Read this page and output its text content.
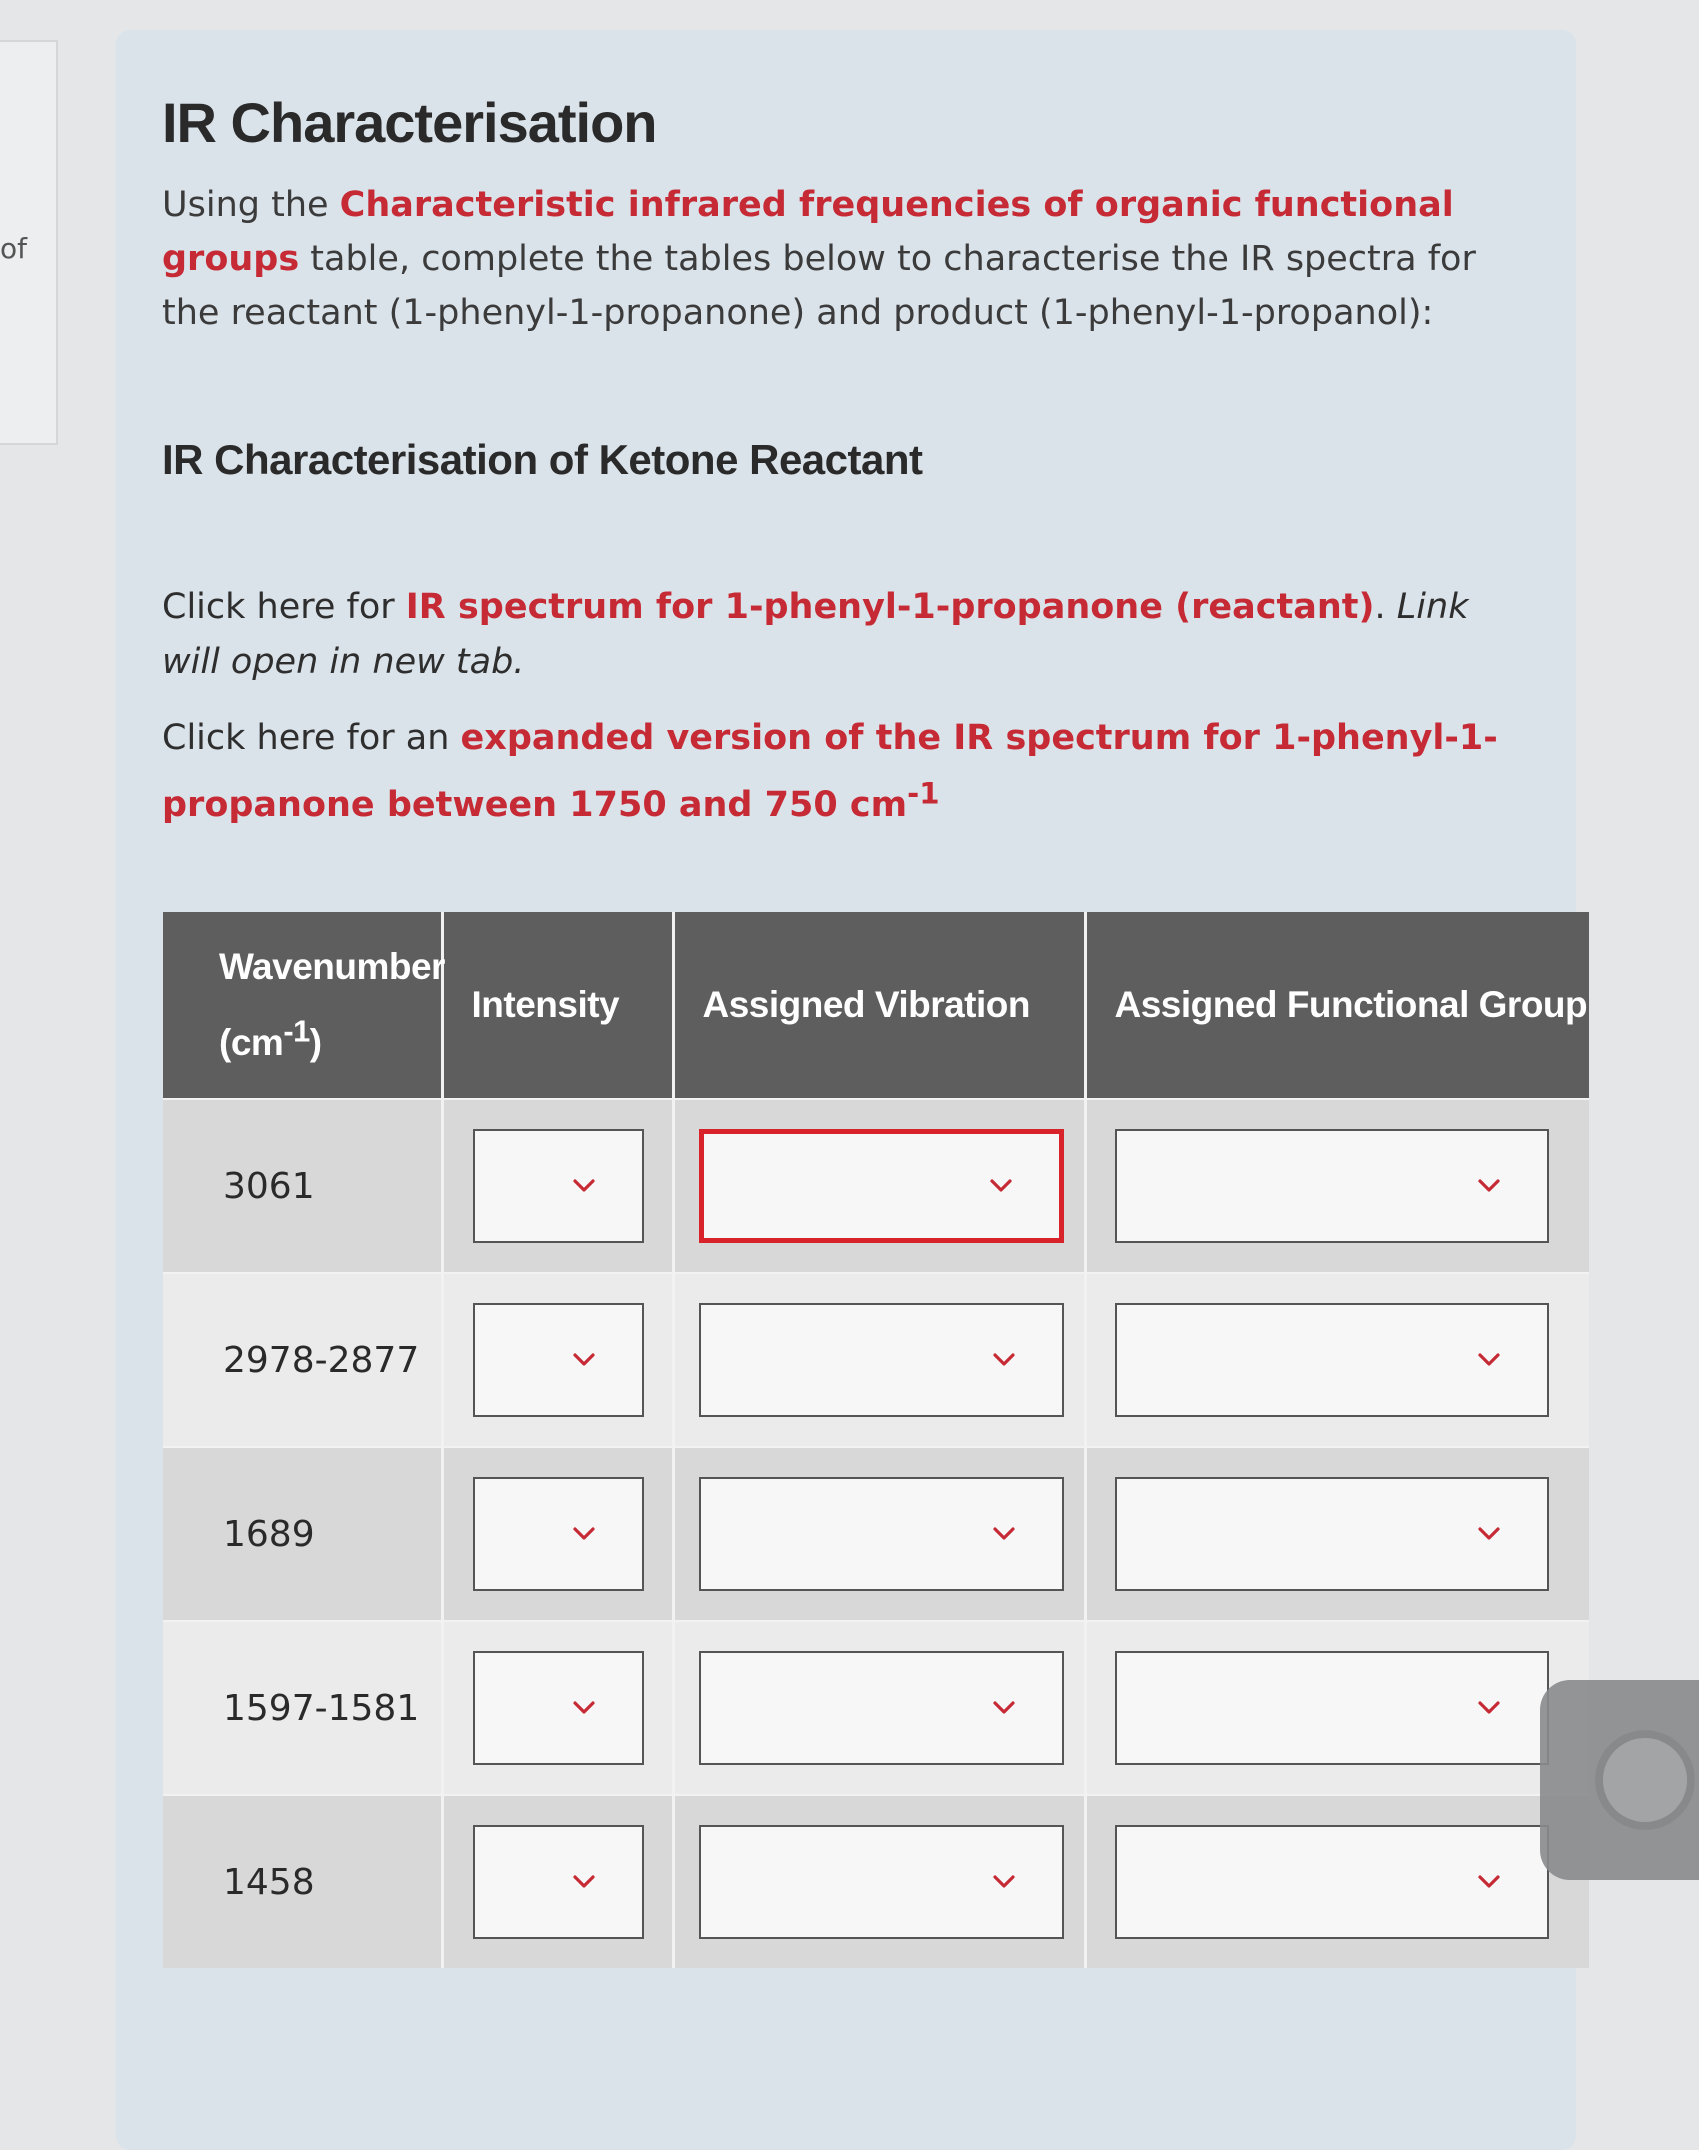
of
IR Characterisation

Using the Characteristic infrared frequencies of organic functional groups table, complete the tables below to characterise the IR spectra for the reactant (1-phenyl-1-propanone) and product (1-phenyl-1-propanol):

IR Characterisation of Ketone Reactant

Click here for IR spectrum for 1-phenyl-1-propanone (reactant). Link will open in new tab.

Click here for an expanded version of the IR spectrum for 1-phenyl-1-propanone between 1750 and 750 cm$^{-1}$

Wavenumber
$(cm^{-1})$	Intensity	Assigned Vibration	Assigned Functional Group
3061	

2978-2877	

1689	

1597-1581	

1458	
